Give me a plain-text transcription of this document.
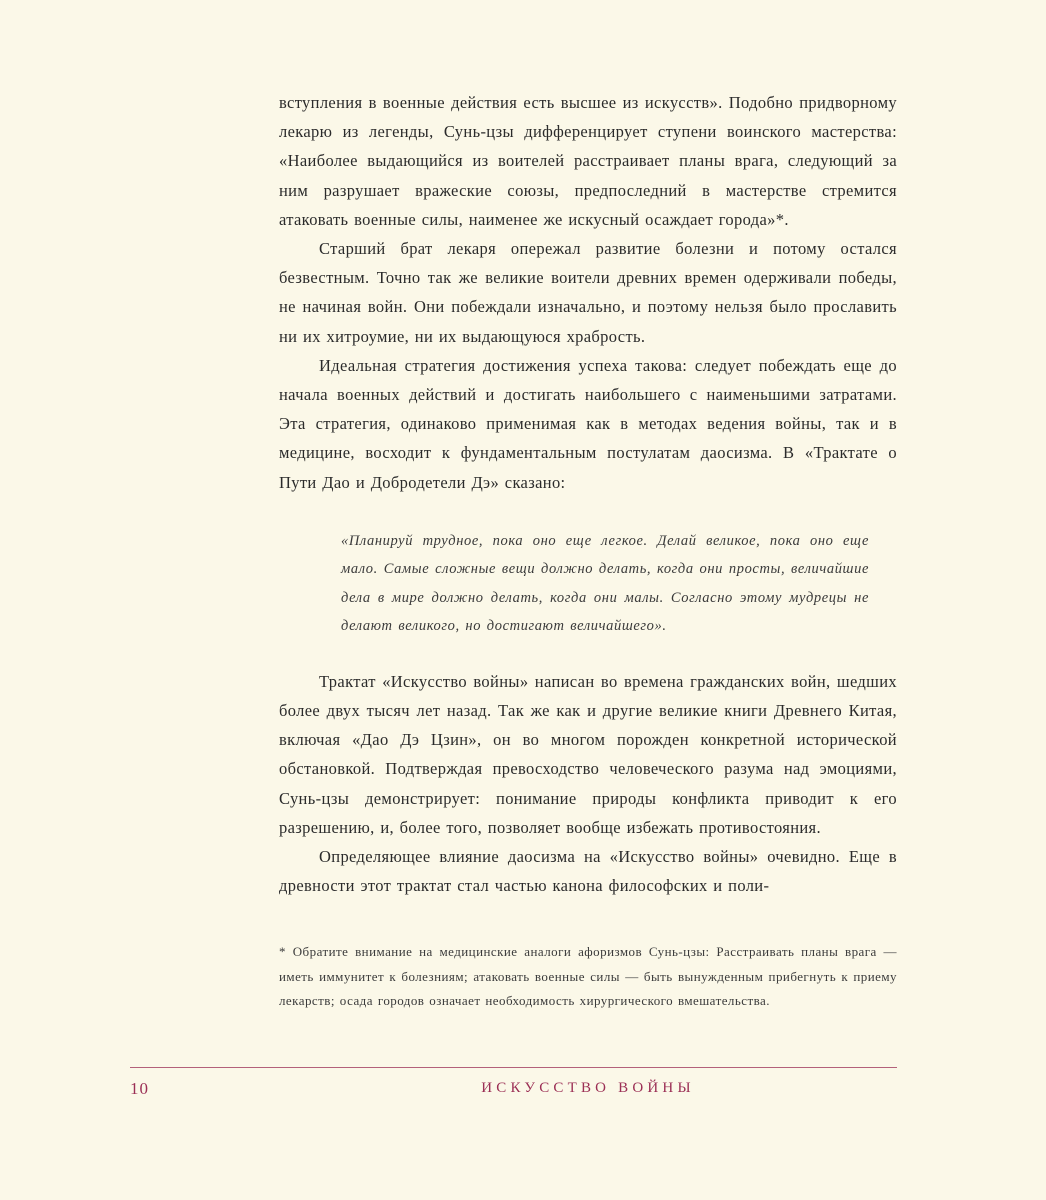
вступления в военные действия есть высшее из искусств». Подобно придворному лекарю из легенды, Сунь-цзы дифференцирует ступени воинского мастерства: «Наиболее выдающийся из воителей расстраивает планы врага, следующий за ним разрушает вражеские союзы, предпоследний в мастерстве стремится атаковать военные силы, наименее же искусный осаждает города»*.

Старший брат лекаря опережал развитие болезни и потому остался безвестным. Точно так же великие воители древних времен одерживали победы, не начиная войн. Они побеждали изначально, и поэтому нельзя было прославить ни их хитроумие, ни их выдающуюся храбрость.

Идеальная стратегия достижения успеха такова: следует побеждать еще до начала военных действий и достигать наибольшего с наименьшими затратами. Эта стратегия, одинаково применимая как в методах ведения войны, так и в медицине, восходит к фундаментальным постулатам даосизма. В «Трактате о Пути Дао и Добродетели Дэ» сказано:

«Планируй трудное, пока оно еще легкое. Делай великое, пока оно еще мало. Самые сложные вещи должно делать, когда они просты, величайшие дела в мире должно делать, когда они малы. Согласно этому мудрецы не делают великого, но достигают величайшего».

Трактат «Искусство войны» написан во времена гражданских войн, шедших более двух тысяч лет назад. Так же как и другие великие книги Древнего Китая, включая «Дао Дэ Цзин», он во многом порожден конкретной исторической обстановкой. Подтверждая превосходство человеческого разума над эмоциями, Сунь-цзы демонстрирует: понимание природы конфликта приводит к его разрешению, и, более того, позволяет вообще избежать противостояния.

Определяющее влияние даосизма на «Искусство войны» очевидно. Еще в древности этот трактат стал частью канона философских и поли-

* Обратите внимание на медицинские аналоги афоризмов Сунь-цзы: Расстраивать планы врага — иметь иммунитет к болезниям; атаковать военные силы — быть вынужденным прибегнуть к приему лекарств; осада городов означает необходимость хирургического вмешательства.
10	ИСКУССТВО ВОЙНЫ
